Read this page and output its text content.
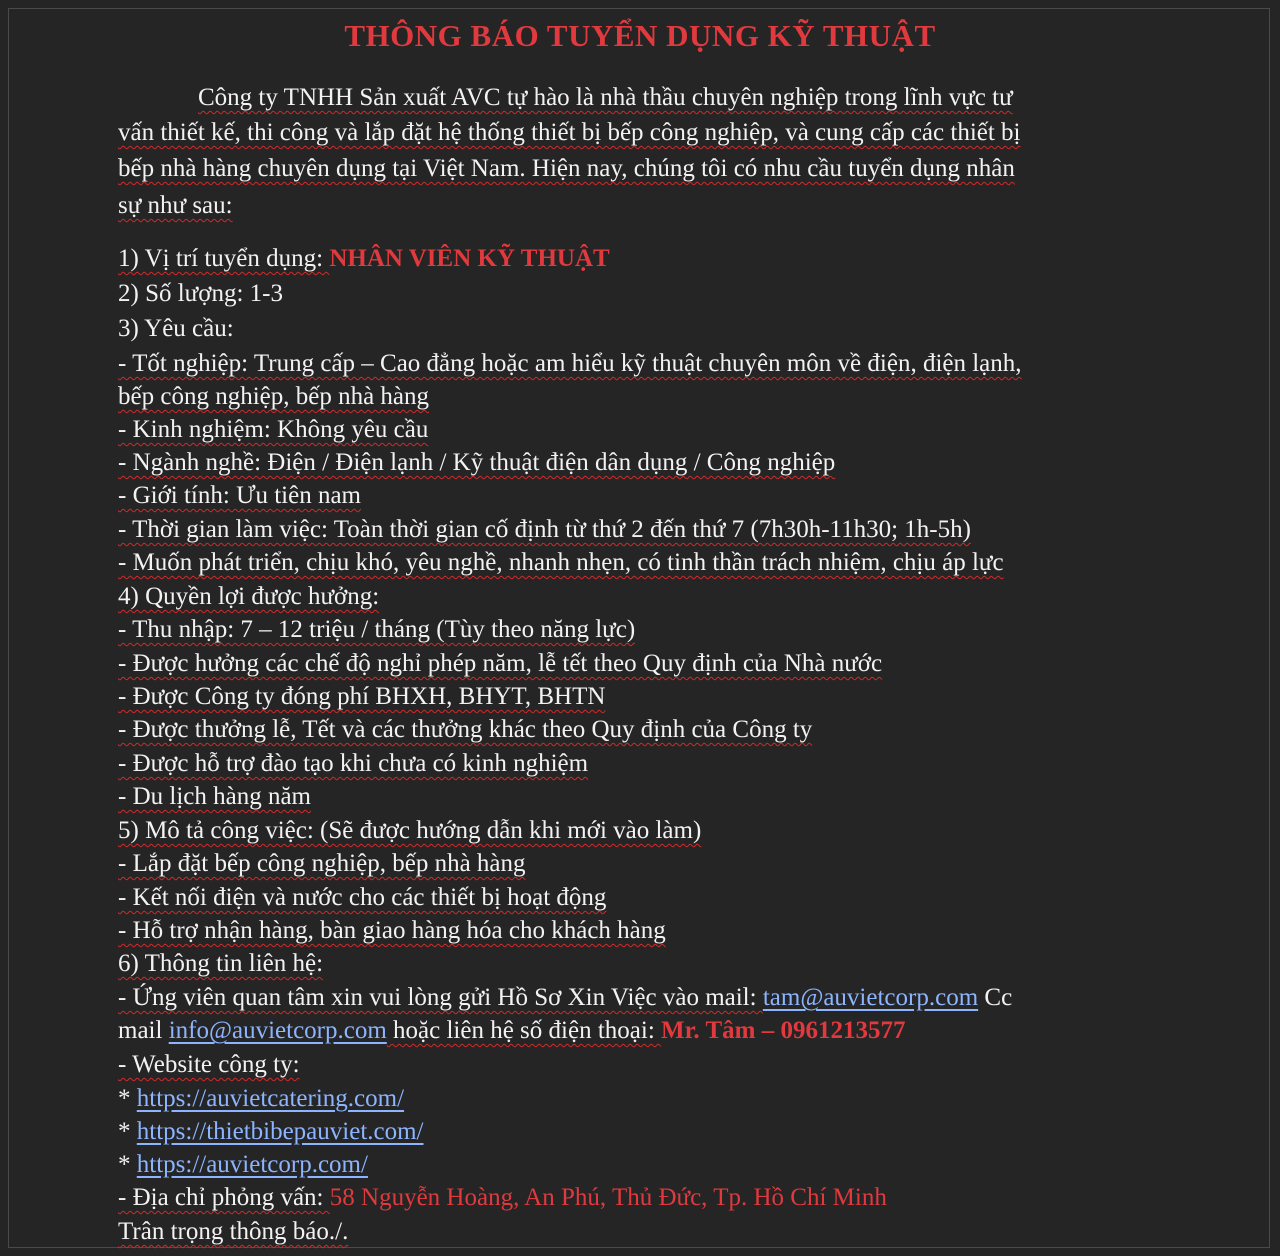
THÔNG BÁO TUYỂN DỤNG KỸ THUẬT
Công ty TNHH Sản xuất AVC tự hào là nhà thầu chuyên nghiệp trong lĩnh vực tư
vấn thiết kế, thi công và lắp đặt hệ thống thiết bị bếp công nghiệp, và cung cấp các thiết bị
bếp nhà hàng chuyên dụng tại Việt Nam. Hiện nay, chúng tôi có nhu cầu tuyển dụng nhân
sự như sau:
1) Vị trí tuyển dụng: NHÂN VIÊN KỸ THUẬT
2) Số lượng: 1-3
3) Yêu cầu:
- Tốt nghiệp: Trung cấp – Cao đẳng hoặc am hiểu kỹ thuật chuyên môn về điện, điện lạnh,
bếp công nghiệp, bếp nhà hàng
- Kinh nghiệm: Không yêu cầu
- Ngành nghề: Điện / Điện lạnh / Kỹ thuật điện dân dụng / Công nghiệp
- Giới tính: Ưu tiên nam
- Thời gian làm việc: Toàn thời gian cố định từ thứ 2 đến thứ 7 (7h30h-11h30; 1h-5h)
- Muốn phát triển, chịu khó, yêu nghề, nhanh nhẹn, có tinh thần trách nhiệm, chịu áp lực
4) Quyền lợi được hưởng:
- Thu nhập: 7 – 12 triệu / tháng (Tùy theo năng lực)
- Được hưởng các chế độ nghỉ phép năm, lễ tết theo Quy định của Nhà nước
- Được Công ty đóng phí BHXH, BHYT, BHTN
- Được thưởng lễ, Tết và các thưởng khác theo Quy định của Công ty
- Được hỗ trợ đào tạo khi chưa có kinh nghiệm
- Du lịch hàng năm
5) Mô tả công việc: (Sẽ được hướng dẫn khi mới vào làm)
- Lắp đặt bếp công nghiệp, bếp nhà hàng
- Kết nối điện và nước cho các thiết bị hoạt động
- Hỗ trợ nhận hàng, bàn giao hàng hóa cho khách hàng
6) Thông tin liên hệ:
- Ứng viên quan tâm xin vui lòng gửi Hồ Sơ Xin Việc vào mail: tam@auvietcorp.com Cc
mail info@auvietcorp.com hoặc liên hệ số điện thoại: Mr. Tâm – 0961213577
- Website công ty:
* https://auvietcatering.com/
* https://thietbibepauviet.com/
* https://auvietcorp.com/
- Địa chỉ phỏng vấn: 58 Nguyễn Hoàng, An Phú, Thủ Đức, Tp. Hồ Chí Minh
Trân trọng thông báo./.
